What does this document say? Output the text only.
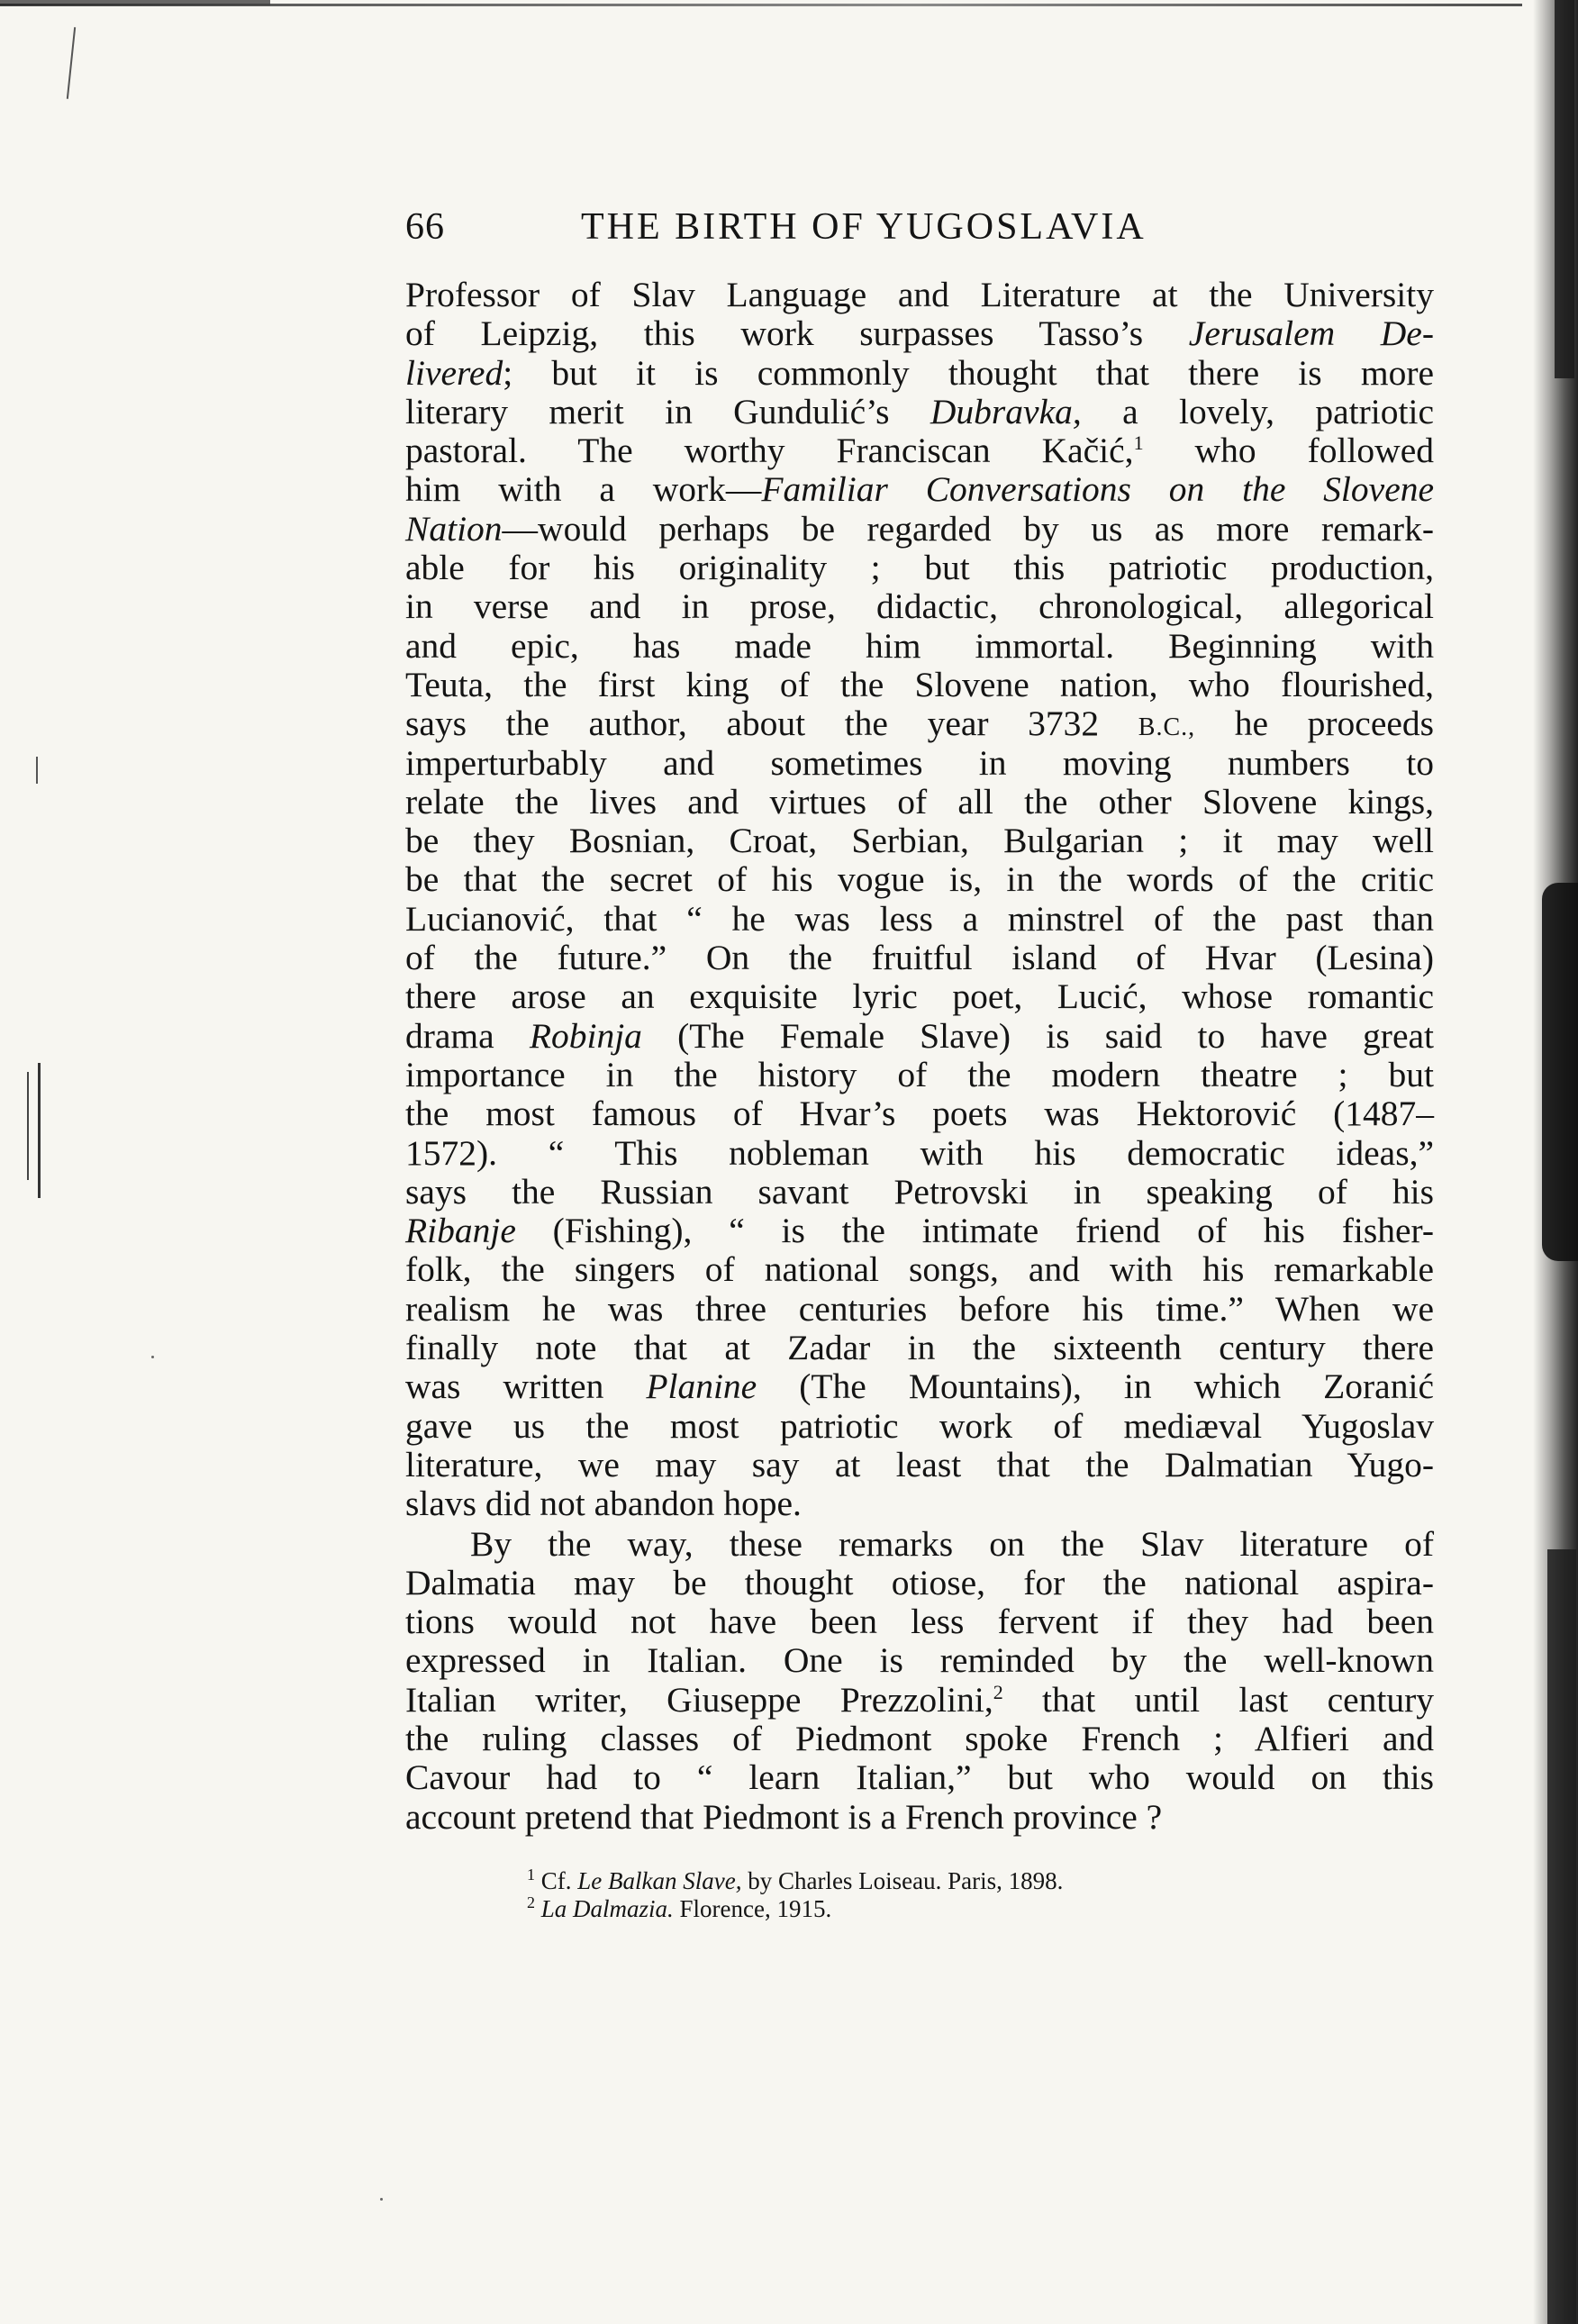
66	THE BIRTH OF YUGOSLAVIA
Professor of Slav Language and Literature at the University
of Leipzig, this work surpasses Tasso’s Jerusalem De-
livered; but it is commonly thought that there is more
literary merit in Gundulić’s Dubravka, a lovely, patriotic
pastoral. The worthy Franciscan Kačić,$^1$ who followed
him with a work—Familiar Conversations on the Slovene
Nation—would perhaps be regarded by us as more remark-
able for his originality ; but this patriotic production,
in verse and in prose, didactic, chronological, allegorical
and epic, has made him immortal. Beginning with
Teuta, the first king of the Slovene nation, who flourished,
says the author, about the year 3732 B.C., he proceeds
imperturbably and sometimes in moving numbers to
relate the lives and virtues of all the other Slovene kings,
be they Bosnian, Croat, Serbian, Bulgarian ; it may well
be that the secret of his vogue is, in the words of the critic
Lucianović, that “ he was less a minstrel of the past than
of the future.” On the fruitful island of Hvar (Lesina)
there arose an exquisite lyric poet, Lucić, whose romantic
drama Robinja (The Female Slave) is said to have great
importance in the history of the modern theatre ; but
the most famous of Hvar’s poets was Hektorović (1487–
1572). “ This nobleman with his democratic ideas,”
says the Russian savant Petrovski in speaking of his
Ribanje (Fishing), “ is the intimate friend of his fisher-
folk, the singers of national songs, and with his remarkable
realism he was three centuries before his time.” When we
finally note that at Zadar in the sixteenth century there
was written Planine (The Mountains), in which Zoranić
gave us the most patriotic work of mediæval Yugoslav
literature, we may say at least that the Dalmatian Yugo-
slavs did not abandon hope.
By the way, these remarks on the Slav literature of
Dalmatia may be thought otiose, for the national aspira-
tions would not have been less fervent if they had been
expressed in Italian. One is reminded by the well-known
Italian writer, Giuseppe Prezzolini,$^2$ that until last century
the ruling classes of Piedmont spoke French ; Alfieri and
Cavour had to “ learn Italian,” but who would on this
account pretend that Piedmont is a French province ?
$^1$ Cf. Le Balkan Slave, by Charles Loiseau. Paris, 1898.
$^2$ La Dalmazia. Florence, 1915.
